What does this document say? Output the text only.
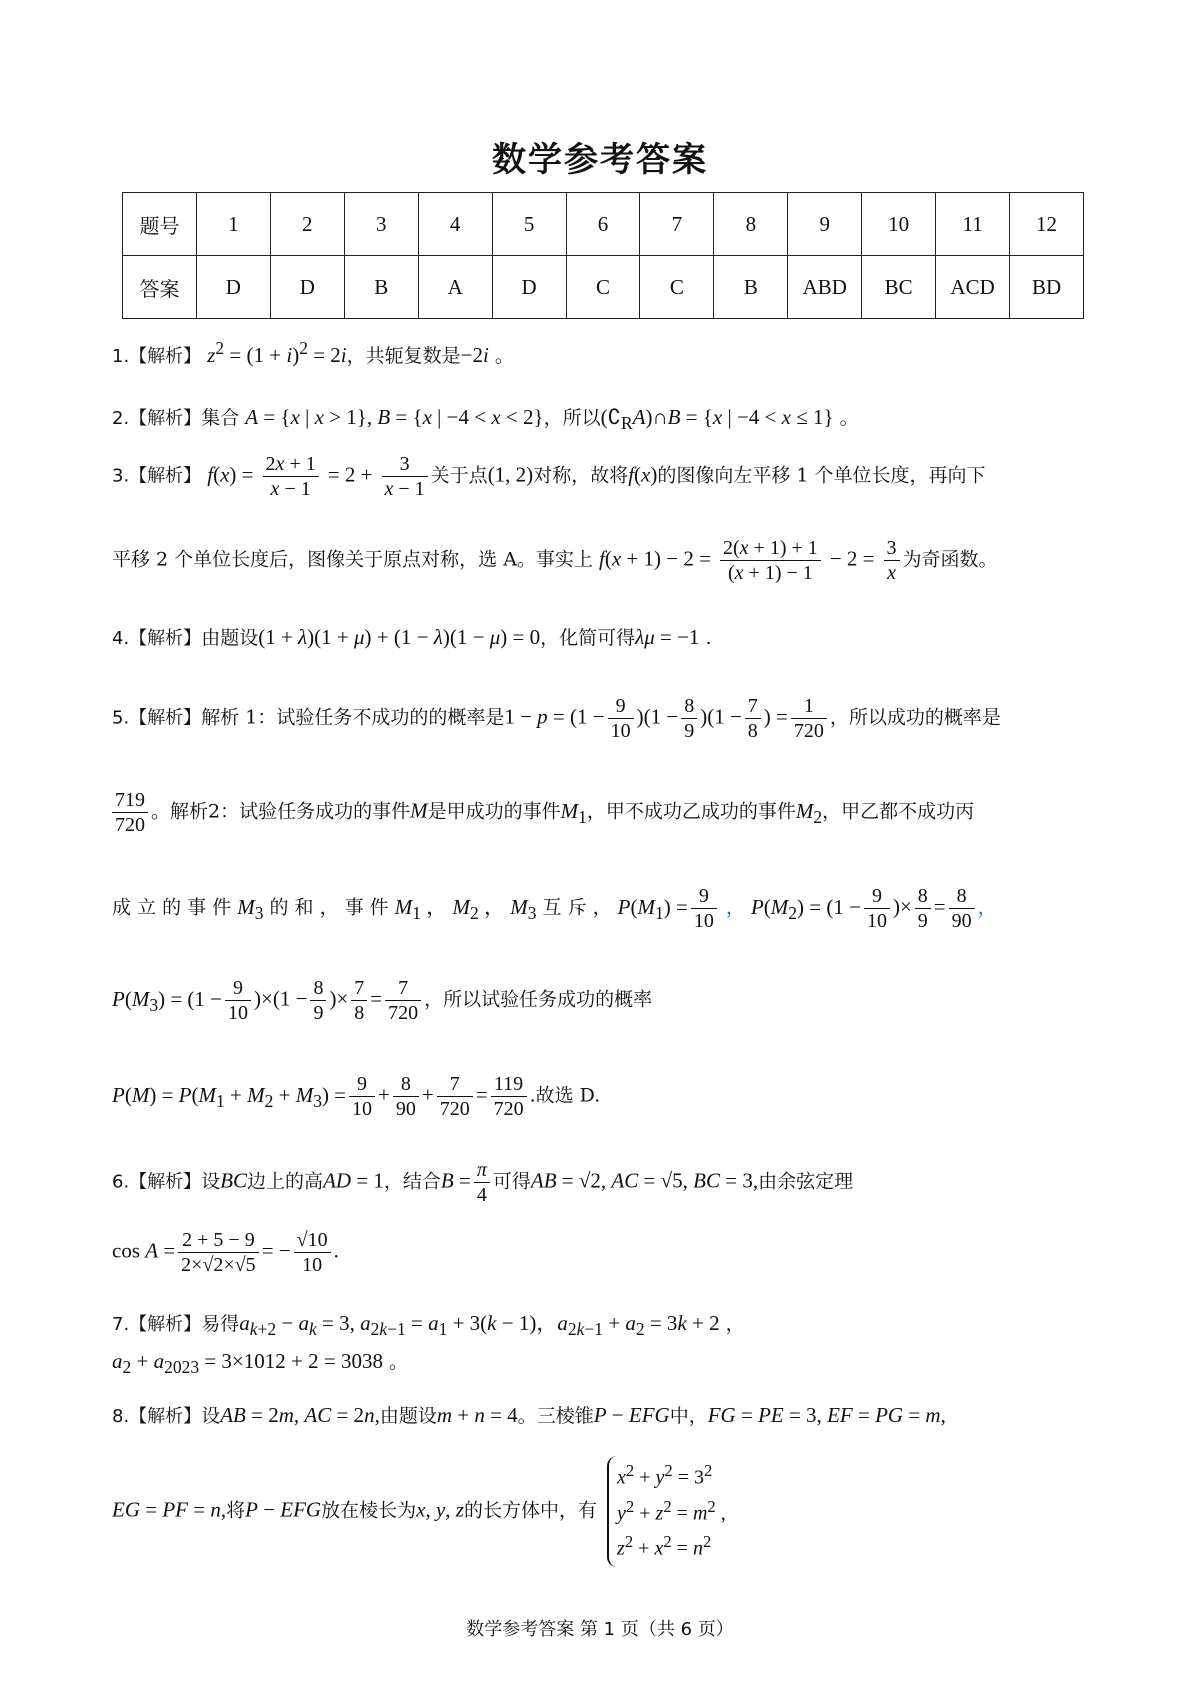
数学参考答案
题号	1	2	3	4	5	6	7	8	9	10	11	12
答案	D	D	B	A	D	C	C	B	ABD	BC	ACD	BD
1.【解析】 $z^2 = (1 + i)^2 = 2i$，共轭复数是−2i 。
2.【解析】集合 A = {x | x > 1}, B = {x | −4 < x < 2}，所以$(∁_RA)\cap B = \{x$ | −4 < x ≤ 1} 。
3.【解析】 $f(x) = \frac{2x + 1}{x - 1} = 2 + \frac{3}{x - 1}$ 关于点(1, 2)对称，故将f(x)的图像向左平移 1 个单位长度，再向下
平移 2 个单位长度后，图像关于原点对称，选 A。事实上 $f(x + 1) - 2 = \frac{2(x + 1) + 1}{(x + 1) - 1} - 2 = \frac{3}{x}$ 为奇函数。
4.【解析】由题设(1 + λ)(1 + μ) + (1 − λ)(1 − μ) = 0，化简可得λμ = −1 .
5.【解析】解析 1：试验任务不成功的的概率是$1 - p = (1 - \frac{9}{10} )(1 - \frac{8}{9} )(1 - \frac{7}{8}$ ) = $\frac{1}{720}$ ，所以成功的概率是
$\frac{719}{720}$ 。解析2：试验任务成功的事件M是甲成功的事件$M_1$，甲不成功乙成功的事件$M_2$，甲乙都不成功丙
成 立 的 事 件 $M_3$ 的 和 ， 事 件 $M_1$ ， $M_2$ ， $M_3$ 互 斥 ， $P(M_1) = \frac{9}{10}$ ， $P(M_2) = (1 - \frac{9}{10}$ )× $\frac{8}{9} = \frac{8}{90}$ ，
$P(M_3) = (1 - \frac{9}{10} )\times(1 - \frac{8}{9}$ )× $\frac{7}{8} = \frac{7}{720}$ ，所以试验任务成功的概率
$P(M) = P(M_1 + M_2 + M_3) = \frac{9}{10} + \frac{8}{90} + \frac{7}{720} = \frac{119}{720}$ .故选 D.
6.【解析】设BC边上的高AD = 1，结合$B = \frac{\pi}{4}$ 可得AB = √2, AC = √5, BC = 3,由余弦定理
$\cos A = \frac{2 + 5 - 9}{2\times√2\times√5}$ = − $\frac{√10}{10}$ .
7.【解析】易得$a_{k+2} - a_k = 3$, $a_{2k-1} = a_1 + 3(k - 1)$，$a_{2k-1} + a_2 = 3k + 2$ ，
$a_2 + a_{2023} = 3\times 1012 + 2 = 3038$ 。
8.【解析】设AB = 2m, AC = 2n,由题设m + n = 4。三棱锥P − EFG中，FG = PE = 3, EF = PG = m,
EG = PF = n,将P − EFG放在棱长为x, y, z的长方体中，有
$x^2 + y^2 = 3^2$
$y^2 + z^2 = m^2$ ,
$z^2 + x^2 = n^2$
数学参考答案 第 1 页（共 6 页）
